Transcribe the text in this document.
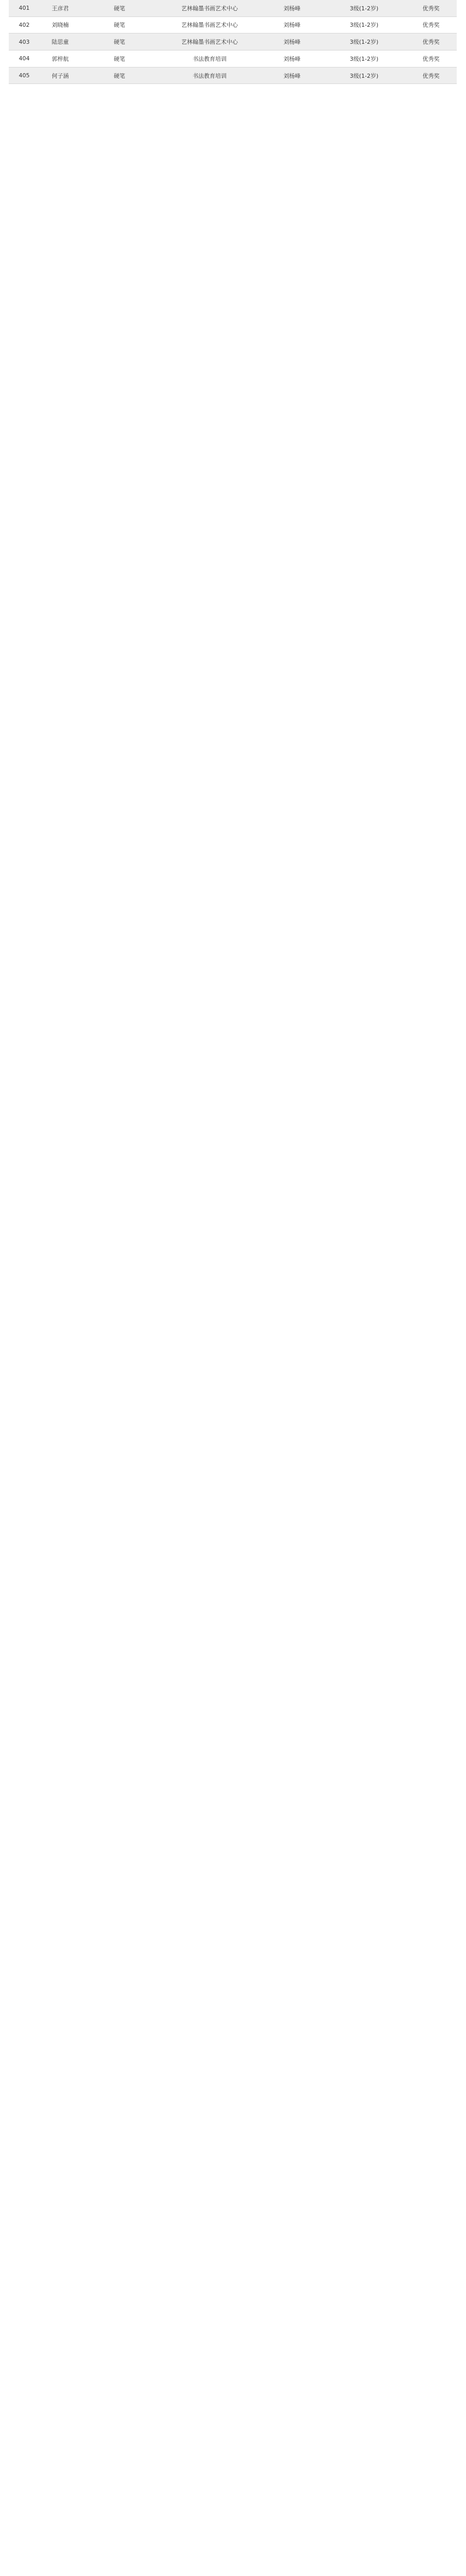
401	王彦君	硬笔	艺林翰墨书画艺术中心	刘杨峰	3级(1-2岁)	优秀奖
402	刘晓楠	硬笔	艺林翰墨书画艺术中心	刘杨峰	3级(1-2岁)	优秀奖
403	陆思童	硬笔	艺林翰墨书画艺术中心	刘杨峰	3级(1-2岁)	优秀奖
404	郭梓航	硬笔	书法教育培训	刘杨峰	3级(1-2岁)	优秀奖
405	何子涵	硬笔	书法教育培训	刘杨峰	3级(1-2岁)	优秀奖
